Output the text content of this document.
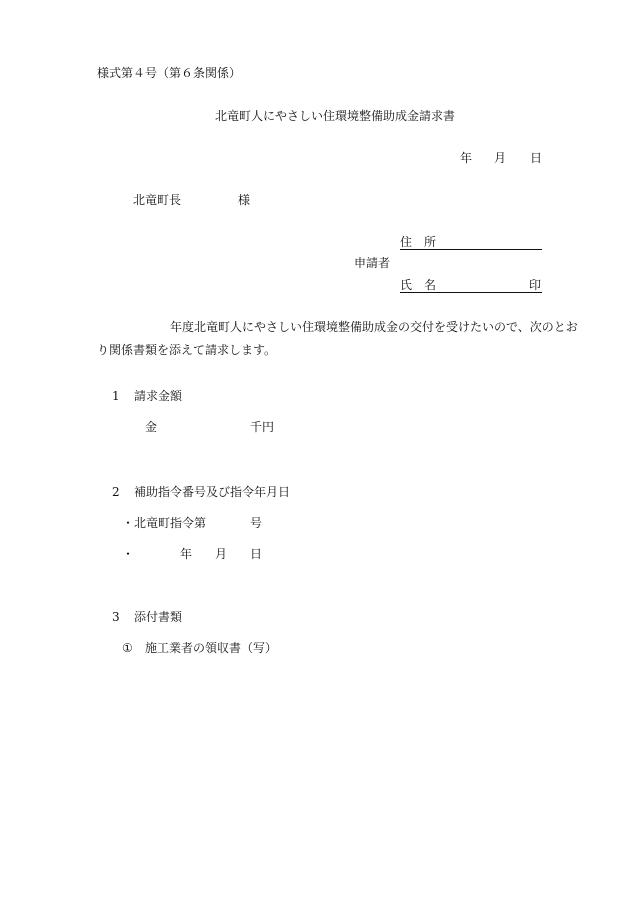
様式第４号（第６条関係）
北竜町人にやさしい住環境整備助成金請求書
年 月 日
北竜町長	様
住　所
申請者
氏　名	印
年度北竜町人にやさしい住環境整備助成金の交付を受けたいので、次のとお
り関係書類を添えて請求します。
1 請求金額
金	千円
2 補助指令番号及び指令年月日
・ 北竜町指令第	号
・	年 月 日
3 添付書類
① 施工業者の領収書（写）
